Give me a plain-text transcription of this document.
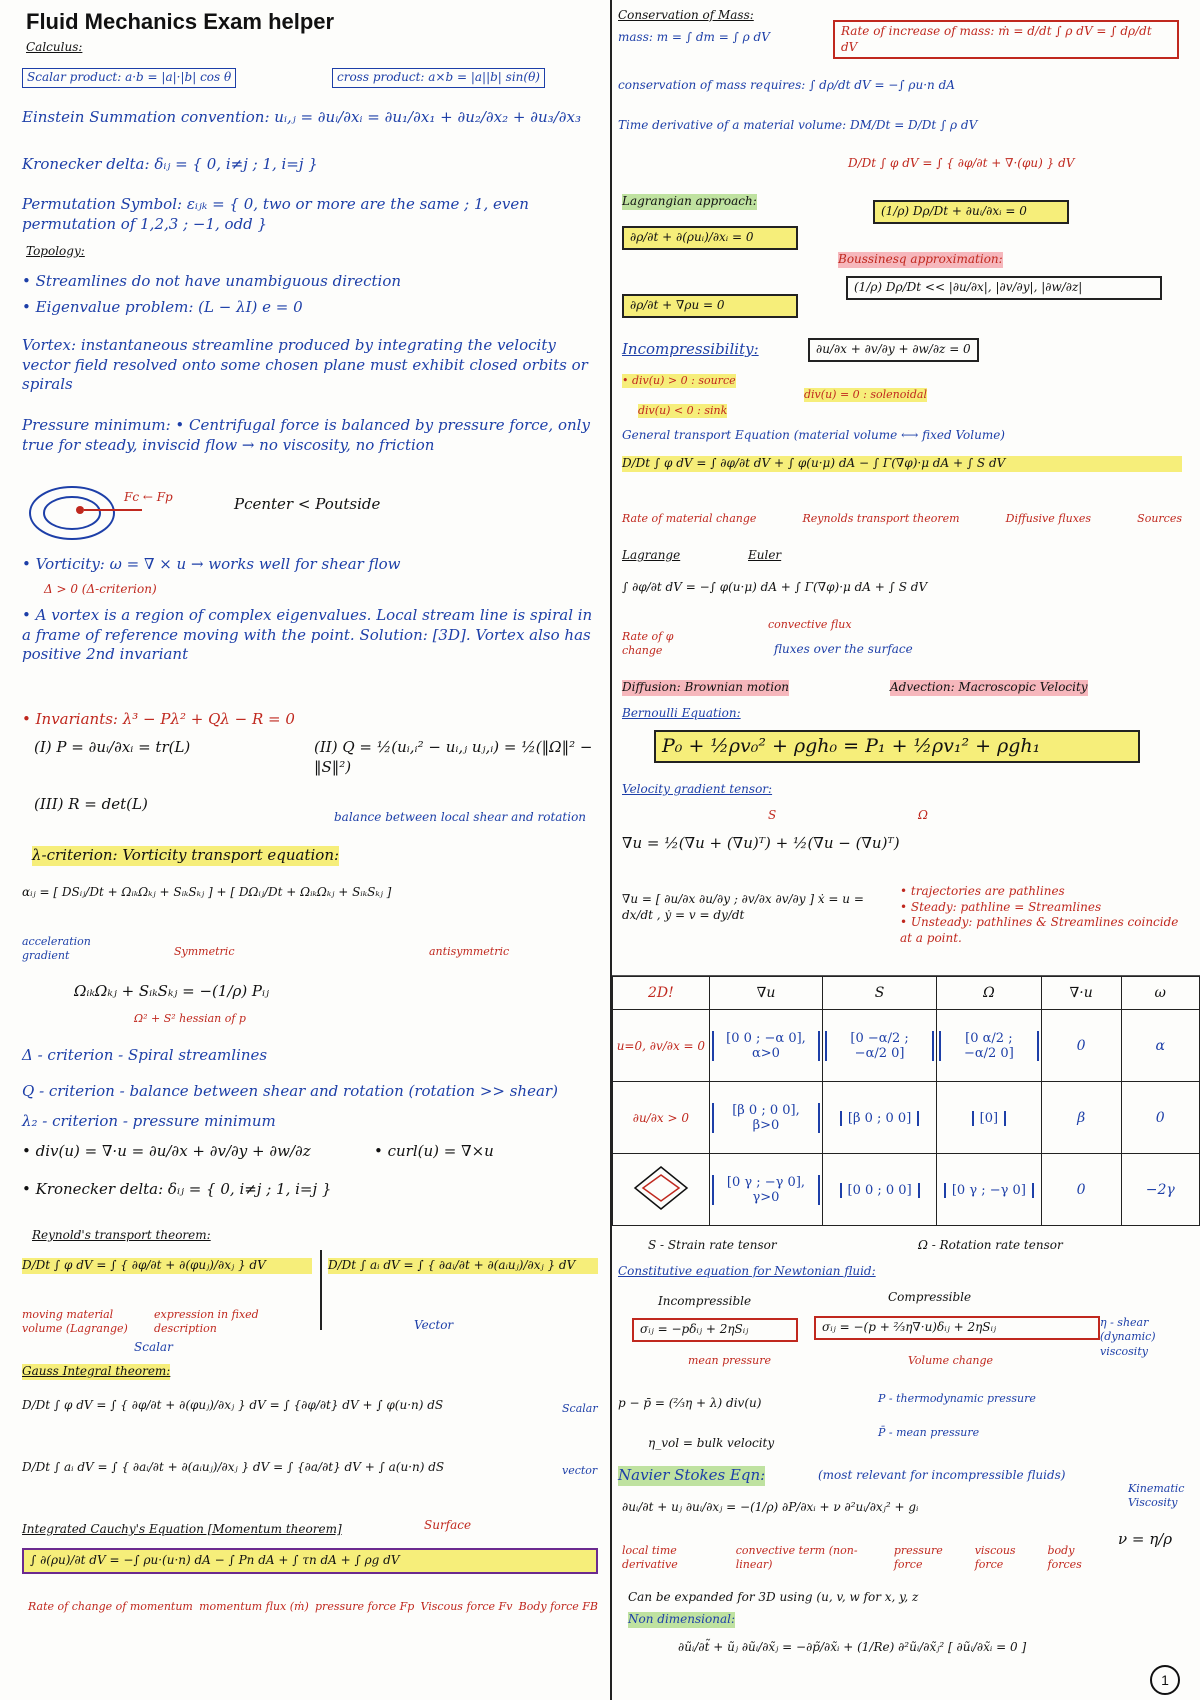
Fluid Mechanics Exam helper
Calculus:
Scalar product: a·b = |a|·|b| cos θ	cross product: a×b = |a||b| sin(θ)
Einstein Summation convention: uᵢ,ⱼ = ∂uᵢ/∂xᵢ = ∂u₁/∂x₁ + ∂u₂/∂x₂ + ∂u₃/∂x₃
Kronecker delta: δᵢⱼ = { 0, i≠j ; 1, i=j }
Permutation Symbol: εᵢⱼₖ = { 0, two or more are the same ; 1, even permutation of 1,2,3 ; −1, odd }
Topology:
• Streamlines do not have unambiguous direction
• Eigenvalue problem: (L − λI) e = 0
Vortex: instantaneous streamline produced by integrating the velocity vector field resolved onto some chosen plane must exhibit closed orbits or spirals
Pressure minimum: • Centrifugal force is balanced by pressure force, only true for steady, inviscid flow → no viscosity, no friction
Fc ← Fp	Pcenter < Poutside
• Vorticity: ω = ∇ × u → works well for shear flow
Δ > 0 (Δ-criterion)
• A vortex is a region of complex eigenvalues. Local stream line is spiral in a frame of reference moving with the point. Solution: [3D]. Vortex also has positive 2nd invariant
• Invariants: λ³ − Pλ² + Qλ − R = 0
(I) P = ∂uᵢ/∂xᵢ = tr(L)	(II) Q = ½(uᵢ,ᵢ² − uᵢ,ⱼ uⱼ,ᵢ) = ½(‖Ω‖² − ‖S‖²)
(III) R = det(L)
balance between local shear and rotation
λ-criterion: Vorticity transport equation:
αᵢⱼ = [ DSᵢⱼ/Dt + ΩᵢₖΩₖⱼ + SᵢₖSₖⱼ ] + [ DΩᵢⱼ/Dt + ΩᵢₖΩₖⱼ + SᵢₖSₖⱼ ]
acceleration gradient	Symmetric	antisymmetric
ΩᵢₖΩₖⱼ + SᵢₖSₖⱼ = −(1/ρ) Pᵢⱼ
Ω² + S² hessian of p
Δ - criterion - Spiral streamlines
Q - criterion - balance between shear and rotation (rotation >> shear)
λ₂ - criterion - pressure minimum
• div(u) = ∇·u = ∂u/∂x + ∂v/∂y + ∂w/∂z	• curl(u) = ∇×u
• Kronecker delta: δᵢⱼ = { 0, i≠j ; 1, i=j }
Reynold's transport theorem:
D/Dt ∫ φ dV = ∫ { ∂φ/∂t + ∂(φuⱼ)/∂xⱼ } dV	D/Dt ∫ aᵢ dV = ∫ { ∂aᵢ/∂t + ∂(aᵢuⱼ)/∂xⱼ } dV
moving material volume (Lagrange)
expression in fixed description
Scalar
Vector
Gauss Integral theorem:
D/Dt ∫ φ dV = ∫ { ∂φ/∂t + ∂(φuⱼ)/∂xⱼ } dV = ∫ {∂φ/∂t} dV + ∫ φ(u·n) dS	Scalar
D/Dt ∫ aᵢ dV = ∫ { ∂aᵢ/∂t + ∂(aᵢuⱼ)/∂xⱼ } dV = ∫ {∂a/∂t} dV + ∫ a(u·n) dS	vector
Integrated Cauchy's Equation [Momentum theorem]	Surface
∫ ∂(ρu)/∂t dV = −∫ ρu·(u·n) dA − ∫ Pn dA + ∫ τn dA + ∫ ρg dV
Rate of change of momentum momentum flux (ṁ) pressure force Fp Viscous force Fv Body force FB
Conservation of Mass:
mass: m = ∫ dm = ∫ ρ dV	Rate of increase of mass: ṁ = d/dt ∫ ρ dV = ∫ dρ/dt dV
conservation of mass requires: ∫ dρ/dt dV = −∫ ρu·n dA
Time derivative of a material volume: DM/Dt = D/Dt ∫ ρ dV
D/Dt ∫ φ dV = ∫ { ∂φ/∂t + ∇·(φu) } dV
Lagrangian approach:
∂ρ/∂t + ∂(ρuᵢ)/∂xᵢ = 0
∂ρ/∂t + ∇ρu = 0
(1/ρ) Dρ/Dt + ∂uᵢ/∂xᵢ = 0
Boussinesq approximation:
(1/ρ) Dρ/Dt << |∂u/∂x|, |∂v/∂y|, |∂w/∂z|
Incompressibility:	∂u/∂x + ∂v/∂y + ∂w/∂z = 0
• div(u) > 0 : source
div(u) = 0 : solenoidal
div(u) < 0 : sink
General transport Equation (material volume ⟷ fixed Volume)
D/Dt ∫ φ dV = ∫ ∂φ/∂t dV + ∫ φ(u·μ) dA − ∫ Γ(∇φ)·μ dA + ∫ S dV
Rate of material change	Reynolds transport theorem	Diffusive fluxes	Sources
Lagrange	Euler
∫ ∂φ/∂t dV = −∫ φ(u·μ) dA + ∫ Γ(∇φ)·μ dA + ∫ S dV
Rate of φ change
convective flux
fluxes over the surface
Diffusion: Brownian motion	Advection: Macroscopic Velocity
Bernoulli Equation:
P₀ + ½ρv₀² + ρgh₀ = P₁ + ½ρv₁² + ρgh₁
Velocity gradient tensor:
S	Ω
∇u = ½(∇u + (∇u)ᵀ) + ½(∇u − (∇u)ᵀ)
∇u = [ ∂u/∂x ∂u/∂y ; ∂v/∂x ∂v/∂y ] ẋ = u = dx/dt , ẏ = v = dy/dt
• trajectories are pathlines
• Steady: pathline = Streamlines
• Unsteady: pathlines & Streamlines coincide at a point.
2D!	∇u	S	Ω	∇·u	ω
u=0, ∂v/∂x = 0	[0 0 ; −α 0], α>0	[0 −α/2 ; −α/2 0]	[0 α/2 ; −α/2 0]	0	α
∂u/∂x > 0	[β 0 ; 0 0], β>0	[β 0 ; 0 0]	[0]	β	0
	[0 γ ; −γ 0], γ>0	[0 0 ; 0 0]	[0 γ ; −γ 0]	0	−2γ
S - Strain rate tensor	Ω - Rotation rate tensor
Constitutive equation for Newtonian fluid:
Incompressible	Compressible
σᵢⱼ = −pδᵢⱼ + 2ηSᵢⱼ	σᵢⱼ = −(p + ⅔η∇·u)δᵢⱼ + 2ηSᵢⱼ
mean pressure	Volume change
η - shear (dynamic) viscosity
p − p̄ = (⅔η + λ) div(u)	P - thermodynamic pressure
P̄ - mean pressure
η_vol = bulk velocity
Navier Stokes Eqn:	(most relevant for incompressible fluids)
Kinematic Viscosity
∂uᵢ/∂t + uⱼ ∂uᵢ/∂xⱼ = −(1/ρ) ∂P/∂xᵢ + ν ∂²uᵢ/∂xⱼ² + gᵢ
ν = η/ρ
local time derivative
convective term (non-linear)
pressure force
viscous force
body forces
Can be expanded for 3D using (u, v, w for x, y, z
Non dimensional:
∂ũᵢ/∂t̃ + ũⱼ ∂ũᵢ/∂x̃ⱼ = −∂p̃/∂x̃ᵢ + (1/Re) ∂²ũᵢ/∂x̃ⱼ² [ ∂ũᵢ/∂x̃ᵢ = 0 ]
1
